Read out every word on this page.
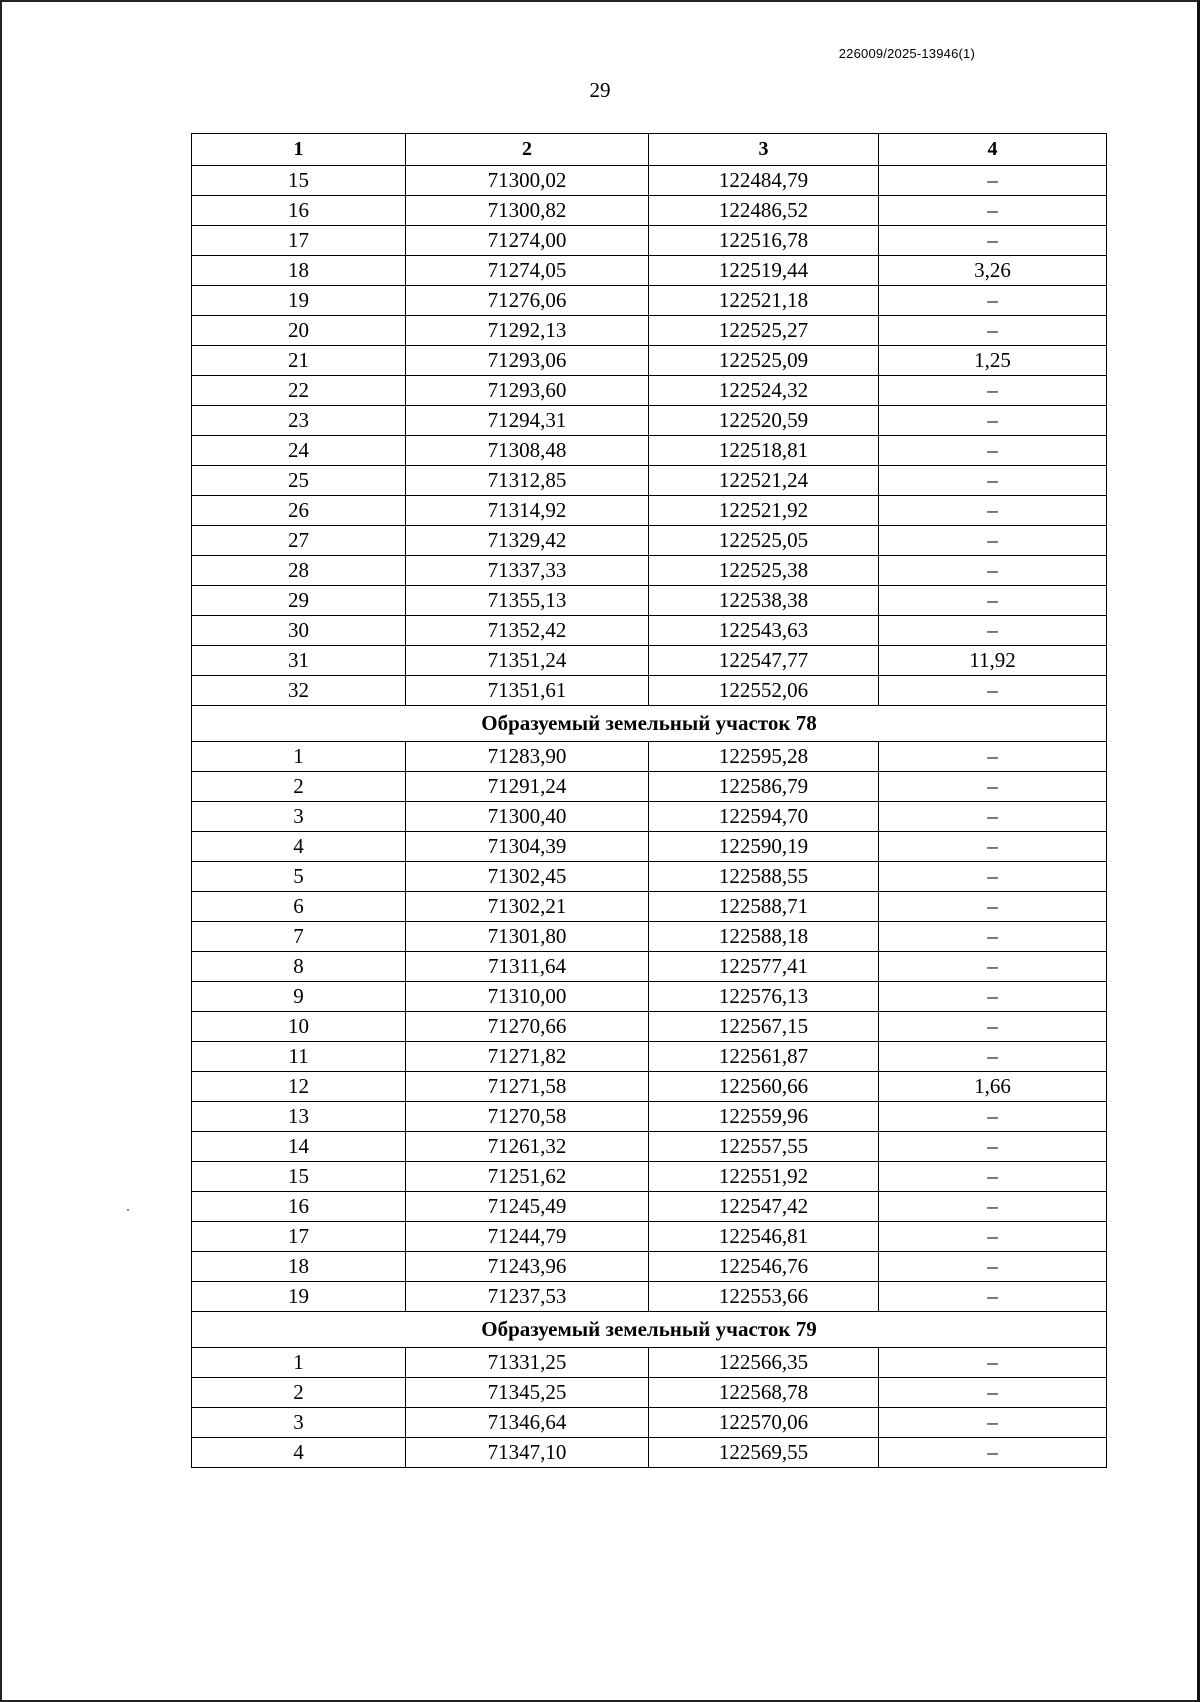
226009/2025-13946(1)
29
1	2	3	4
15	71300,02	122484,79	–
16	71300,82	122486,52	–
17	71274,00	122516,78	–
18	71274,05	122519,44	3,26
19	71276,06	122521,18	–
20	71292,13	122525,27	–
21	71293,06	122525,09	1,25
22	71293,60	122524,32	–
23	71294,31	122520,59	–
24	71308,48	122518,81	–
25	71312,85	122521,24	–
26	71314,92	122521,92	–
27	71329,42	122525,05	–
28	71337,33	122525,38	–
29	71355,13	122538,38	–
30	71352,42	122543,63	–
31	71351,24	122547,77	11,92
32	71351,61	122552,06	–
Образуемый земельный участок 78			
1	71283,90	122595,28	–
2	71291,24	122586,79	–
3	71300,40	122594,70	–
4	71304,39	122590,19	–
5	71302,45	122588,55	–
6	71302,21	122588,71	–
7	71301,80	122588,18	–
8	71311,64	122577,41	–
9	71310,00	122576,13	–
10	71270,66	122567,15	–
11	71271,82	122561,87	–
12	71271,58	122560,66	1,66
13	71270,58	122559,96	–
14	71261,32	122557,55	–
15	71251,62	122551,92	–
16	71245,49	122547,42	–
17	71244,79	122546,81	–
18	71243,96	122546,76	–
19	71237,53	122553,66	–
Образуемый земельный участок 79			
1	71331,25	122566,35	–
2	71345,25	122568,78	–
3	71346,64	122570,06	–
4	71347,10	122569,55	–
